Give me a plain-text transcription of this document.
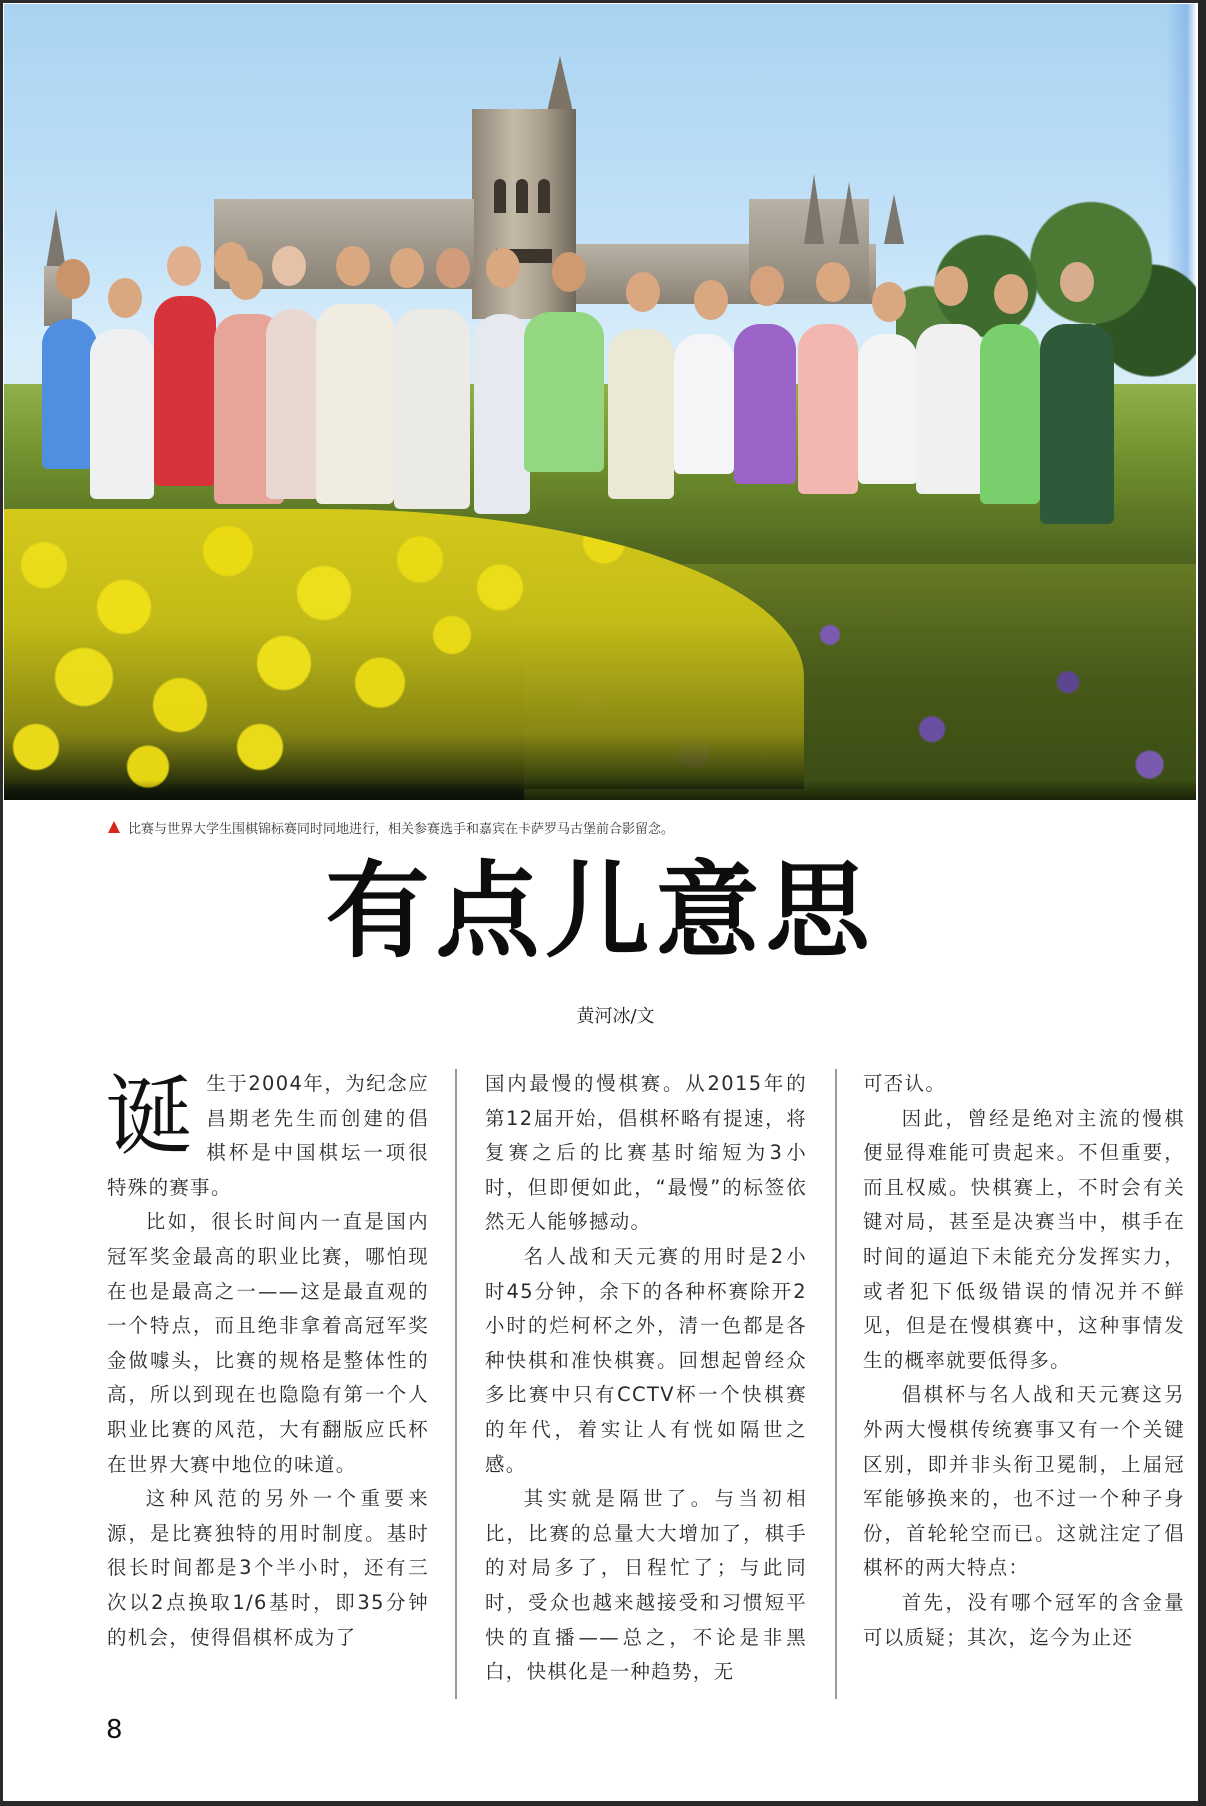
比赛与世界大学生围棋锦标赛同时同地进行，相关参赛选手和嘉宾在卡萨罗马古堡前合影留念。
有点儿意思
黄河冰/文
诞 生于2004年，为纪念应昌期老先生而创建的倡棋杯是中国棋坛一项很特殊的赛事。

比如，很长时间内一直是国内冠军奖金最高的职业比赛，哪怕现在也是最高之一——这是最直观的一个特点，而且绝非拿着高冠军奖金做噱头，比赛的规格是整体性的高，所以到现在也隐隐有第一个人职业比赛的风范，大有翻版应氏杯在世界大赛中地位的味道。

这种风范的另外一个重要来源，是比赛独特的用时制度。基时很长时间都是3个半小时，还有三次以2点换取1/6基时，即35分钟的机会，使得倡棋杯成为了

国内最慢的慢棋赛。从2015年的第12届开始，倡棋杯略有提速，将复赛之后的比赛基时缩短为3小时，但即便如此，“最慢”的标签依然无人能够撼动。

名人战和天元赛的用时是2小时45分钟，余下的各种杯赛除开2小时的烂柯杯之外，清一色都是各种快棋和准快棋赛。回想起曾经众多比赛中只有CCTV杯一个快棋赛的年代，着实让人有恍如隔世之感。

其实就是隔世了。与当初相比，比赛的总量大大增加了，棋手的对局多了，日程忙了；与此同时，受众也越来越接受和习惯短平快的直播——总之，不论是非黑白，快棋化是一种趋势，无

可否认。

因此，曾经是绝对主流的慢棋便显得难能可贵起来。不但重要，而且权威。快棋赛上，不时会有关键对局，甚至是决赛当中，棋手在时间的逼迫下未能充分发挥实力，或者犯下低级错误的情况并不鲜见，但是在慢棋赛中，这种事情发生的概率就要低得多。

倡棋杯与名人战和天元赛这另外两大慢棋传统赛事又有一个关键区别，即并非头衔卫冕制，上届冠军能够换来的，也不过一个种子身份，首轮轮空而已。这就注定了倡棋杯的两大特点：

首先，没有哪个冠军的含金量可以质疑；其次，迄今为止还

8
